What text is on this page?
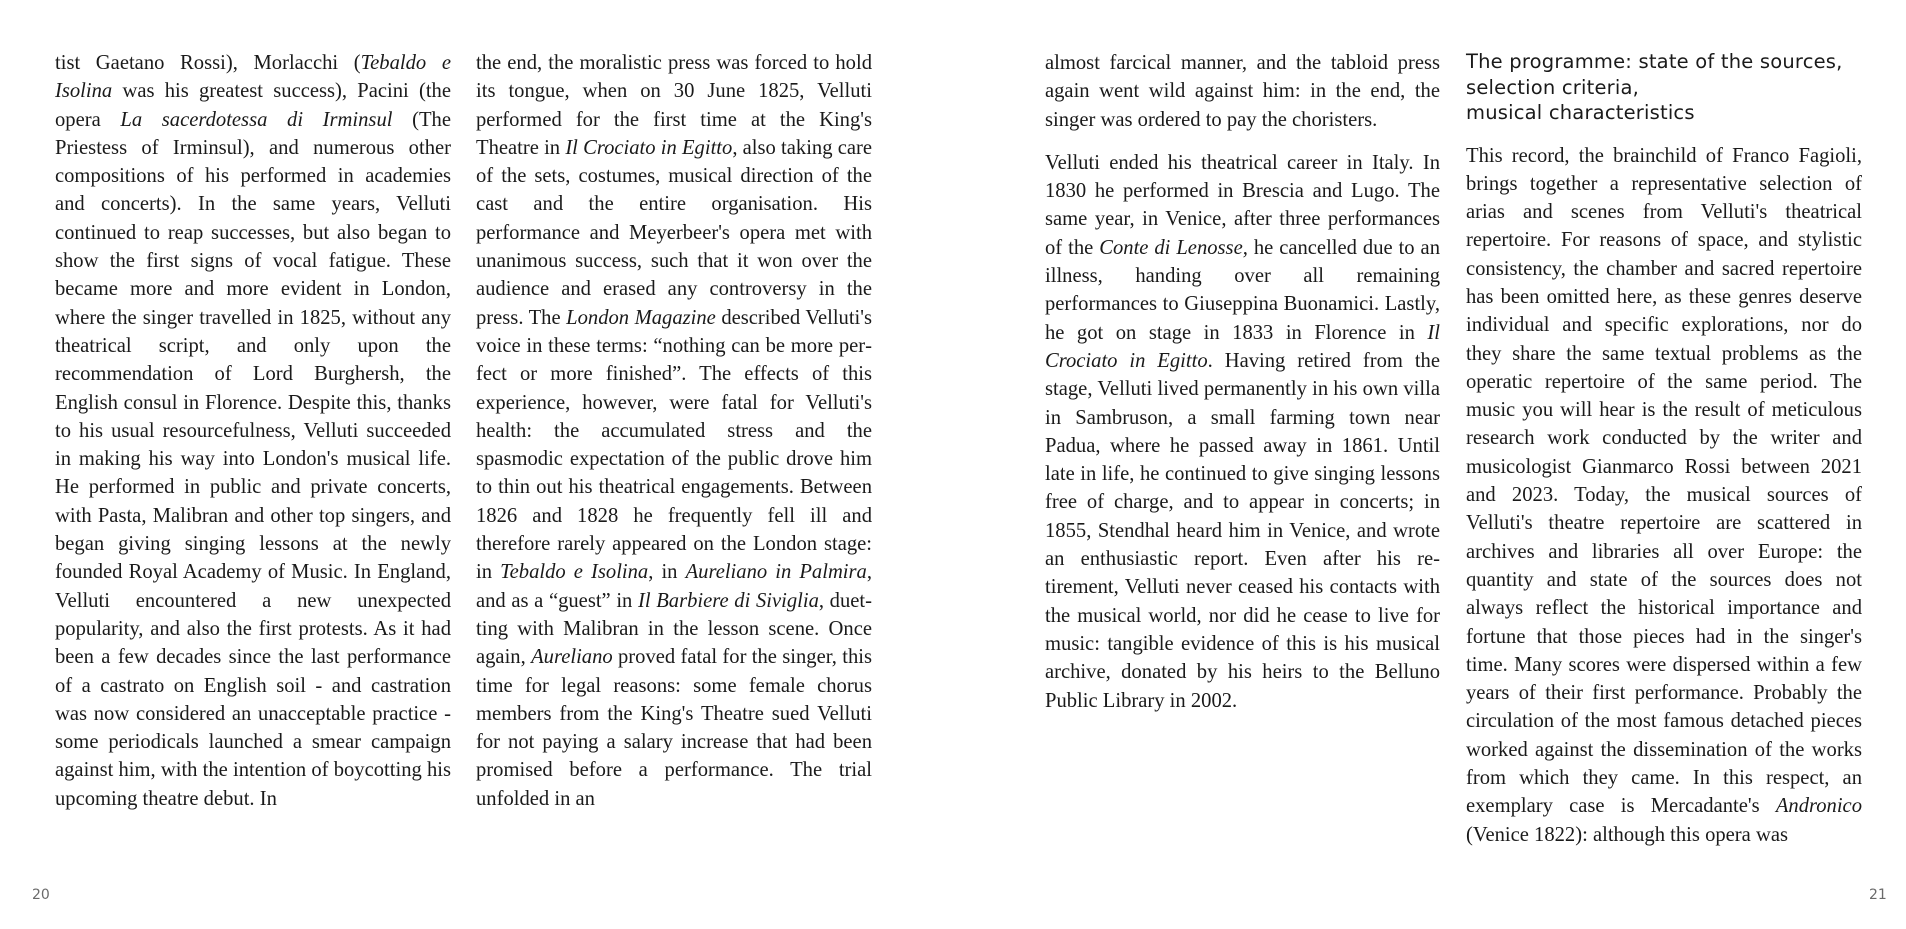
tist Gaetano Rossi), Morlacchi (Tebaldo e Isolina was his greatest success), Pacini (the opera La sacerdotessa di Irminsul (The Priestess of Irminsul), and numerous other compositions of his performed in academies and concerts). In the same years, Velluti continued to reap successes, but also began to show the first signs of vocal fatigue. These became more and more evident in London, where the singer travelled in 1825, without any theatrical script, and only upon the recommendation of Lord Burghersh, the English consul in Florence. Despite this, thanks to his usual resourcefulness, Velluti succeeded in making his way into London's musical life. He performed in public and private concerts, with Pasta, Malibran and other top singers, and began giving singing lessons at the newly founded Royal Academy of Music. In England, Velluti encountered a new unexpected popularity, and also the first protests. As it had been a few decades since the last performance of a castrato on English soil - and castration was now considered an unacceptable practice - some periodicals launched a smear campaign against him, with the intention of boycotting his upcoming theatre debut. In

the end, the moralistic press was forced to hold its tongue, when on 30 June 1825, Velluti performed for the first time at the King's Theatre in Il Crociato in Egitto, also taking care of the sets, costumes, musical direction of the cast and the entire organisation. His performance and Meyerbeer's opera met with unanimous success, such that it won over the audience and erased any controversy in the press. The London Magazine described Velluti's voice in these terms: “nothing can be more perfect or more finished”. The effects of this experience, however, were fatal for Velluti's health: the accumulated stress and the spasmodic expectation of the public drove him to thin out his theatrical engagements. Between 1826 and 1828 he frequently fell ill and therefore rarely appeared on the London stage: in Tebaldo e Isolina, in Aureliano in Palmira, and as a “guest” in Il Barbiere di Siviglia, duetting with Malibran in the lesson scene. Once again, Aureliano proved fatal for the singer, this time for legal reasons: some female chorus members from the King's Theatre sued Velluti for not paying a salary increase that had been promised before a performance. The trial unfolded in an

20

almost farcical manner, and the tabloid press again went wild against him: in the end, the singer was ordered to pay the choristers.

Velluti ended his theatrical career in Italy. In 1830 he performed in Brescia and Lugo. The same year, in Venice, after three performances of the Conte di Lenosse, he cancelled due to an illness, handing over all remaining performances to Giuseppina Buonamici. Lastly, he got on stage in 1833 in Florence in Il Crociato in Egitto. Having retired from the stage, Velluti lived permanently in his own villa in Sambruson, a small farming town near Padua, where he passed away in 1861. Until late in life, he continued to give singing lessons free of charge, and to appear in concerts; in 1855, Stendhal heard him in Venice, and wrote an enthusiastic report. Even after his retirement, Velluti never ceased his contacts with the musical world, nor did he cease to live for music: tangible evidence of this is his musical archive, donated by his heirs to the Belluno Public Library in 2002.

The programme: state of the sources,
selection criteria,
musical characteristics

This record, the brainchild of Franco Fagioli, brings together a representative selection of arias and scenes from Velluti's theatrical repertoire. For reasons of space, and stylistic consistency, the chamber and sacred repertoire has been omitted here, as these genres deserve individual and specific explorations, nor do they share the same textual problems as the operatic repertoire of the same period. The music you will hear is the result of meticulous research work conducted by the writer and musicologist Gianmarco Rossi between 2021 and 2023. Today, the musical sources of Velluti's theatre repertoire are scattered in archives and libraries all over Europe: the quantity and state of the sources does not always reflect the historical importance and fortune that those pieces had in the singer's time. Many scores were dispersed within a few years of their first performance. Probably the circulation of the most famous detached pieces worked against the dissemination of the works from which they came. In this respect, an exemplary case is Mercadante's Andronico (Venice 1822): although this opera was

21
